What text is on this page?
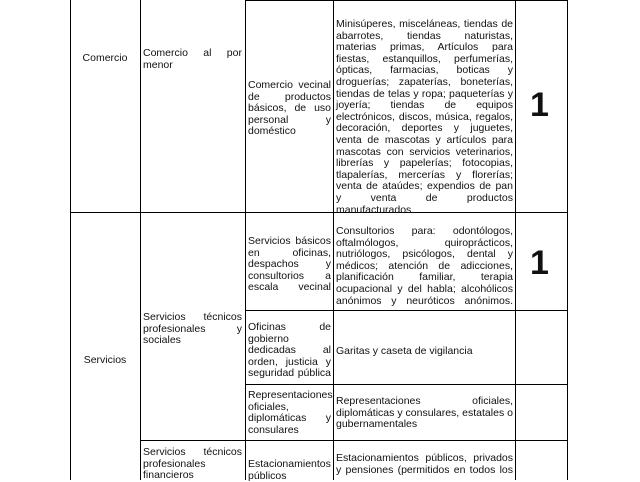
Comercio	Comercio al por menor
Comercio vecinal de productos básicos, de uso personal y doméstico
Minisúperes, misceláneas, tiendas de abarrotes, tiendas naturistas, materias primas, Artículos para fiestas, estanquillos, perfumerías, ópticas, farmacias, boticas y droguerías; zapaterías, boneterías, tiendas de telas y ropa; paqueterías y joyería; tiendas de equipos electrónicos, discos, música, regalos, decoración, deportes y juguetes, venta de mascotas y artículos para mascotas con servicios veterinarios, librerías y papelerías; fotocopias, tlapalerías, mercerías y florerías; venta de ataúdes; expendios de pan y venta de productos manufacturados.
1
Servicios
Servicios técnicos profesionales y sociales
Servicios básicos en oficinas, despachos y consultorios a escala vecinal
Consultorios para: odontólogos, oftalmólogos, quiroprácticos, nutriólogos, psicólogos, dental y médicos; atención de adicciones, planificación familiar, terapia ocupacional y del habla; alcohólicos anónimos y neuróticos anónimos.
1
Oficinas de gobierno dedicadas al orden, justicia y seguridad pública
Garitas y caseta de vigilancia
Representaciones oficiales, diplomáticas y consulares
Representaciones oficiales, diplomáticas y consulares, estatales o gubernamentales
Servicios técnicos profesionales financieros
Estacionamientos públicos
Estacionamientos públicos, privados y pensiones (permitidos en todos los
